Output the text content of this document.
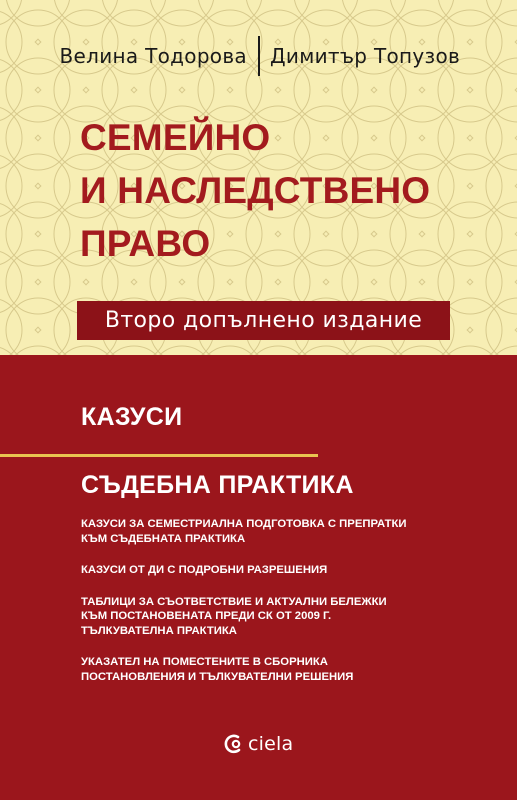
Велина Тодорова Димитър Топузов
СЕМЕЙНО
И НАСЛЕДСТВЕНО
ПРАВО
Второ допълнено издание
КАЗУСИ
СЪДЕБНА ПРАКТИКА
КАЗУСИ ЗА СЕМЕСТРИАЛНА ПОДГОТОВКА С ПРЕПРАТКИ
КЪМ СЪДЕБНАТА ПРАКТИКА
КАЗУСИ ОТ ДИ С ПОДРОБНИ РАЗРЕШЕНИЯ
ТАБЛИЦИ ЗА СЪОТВЕТСТВИЕ И АКТУАЛНИ БЕЛЕЖКИ
КЪМ ПОСТАНОВЕНАТА ПРЕДИ СК ОТ 2009 Г.
ТЪЛКУВАТЕЛНА ПРАКТИКА
УКАЗАТЕЛ НА ПОМЕСТЕНИТЕ В СБОРНИКА
ПОСТАНОВЛЕНИЯ И ТЪЛКУВАТЕЛНИ РЕШЕНИЯ
ciela
